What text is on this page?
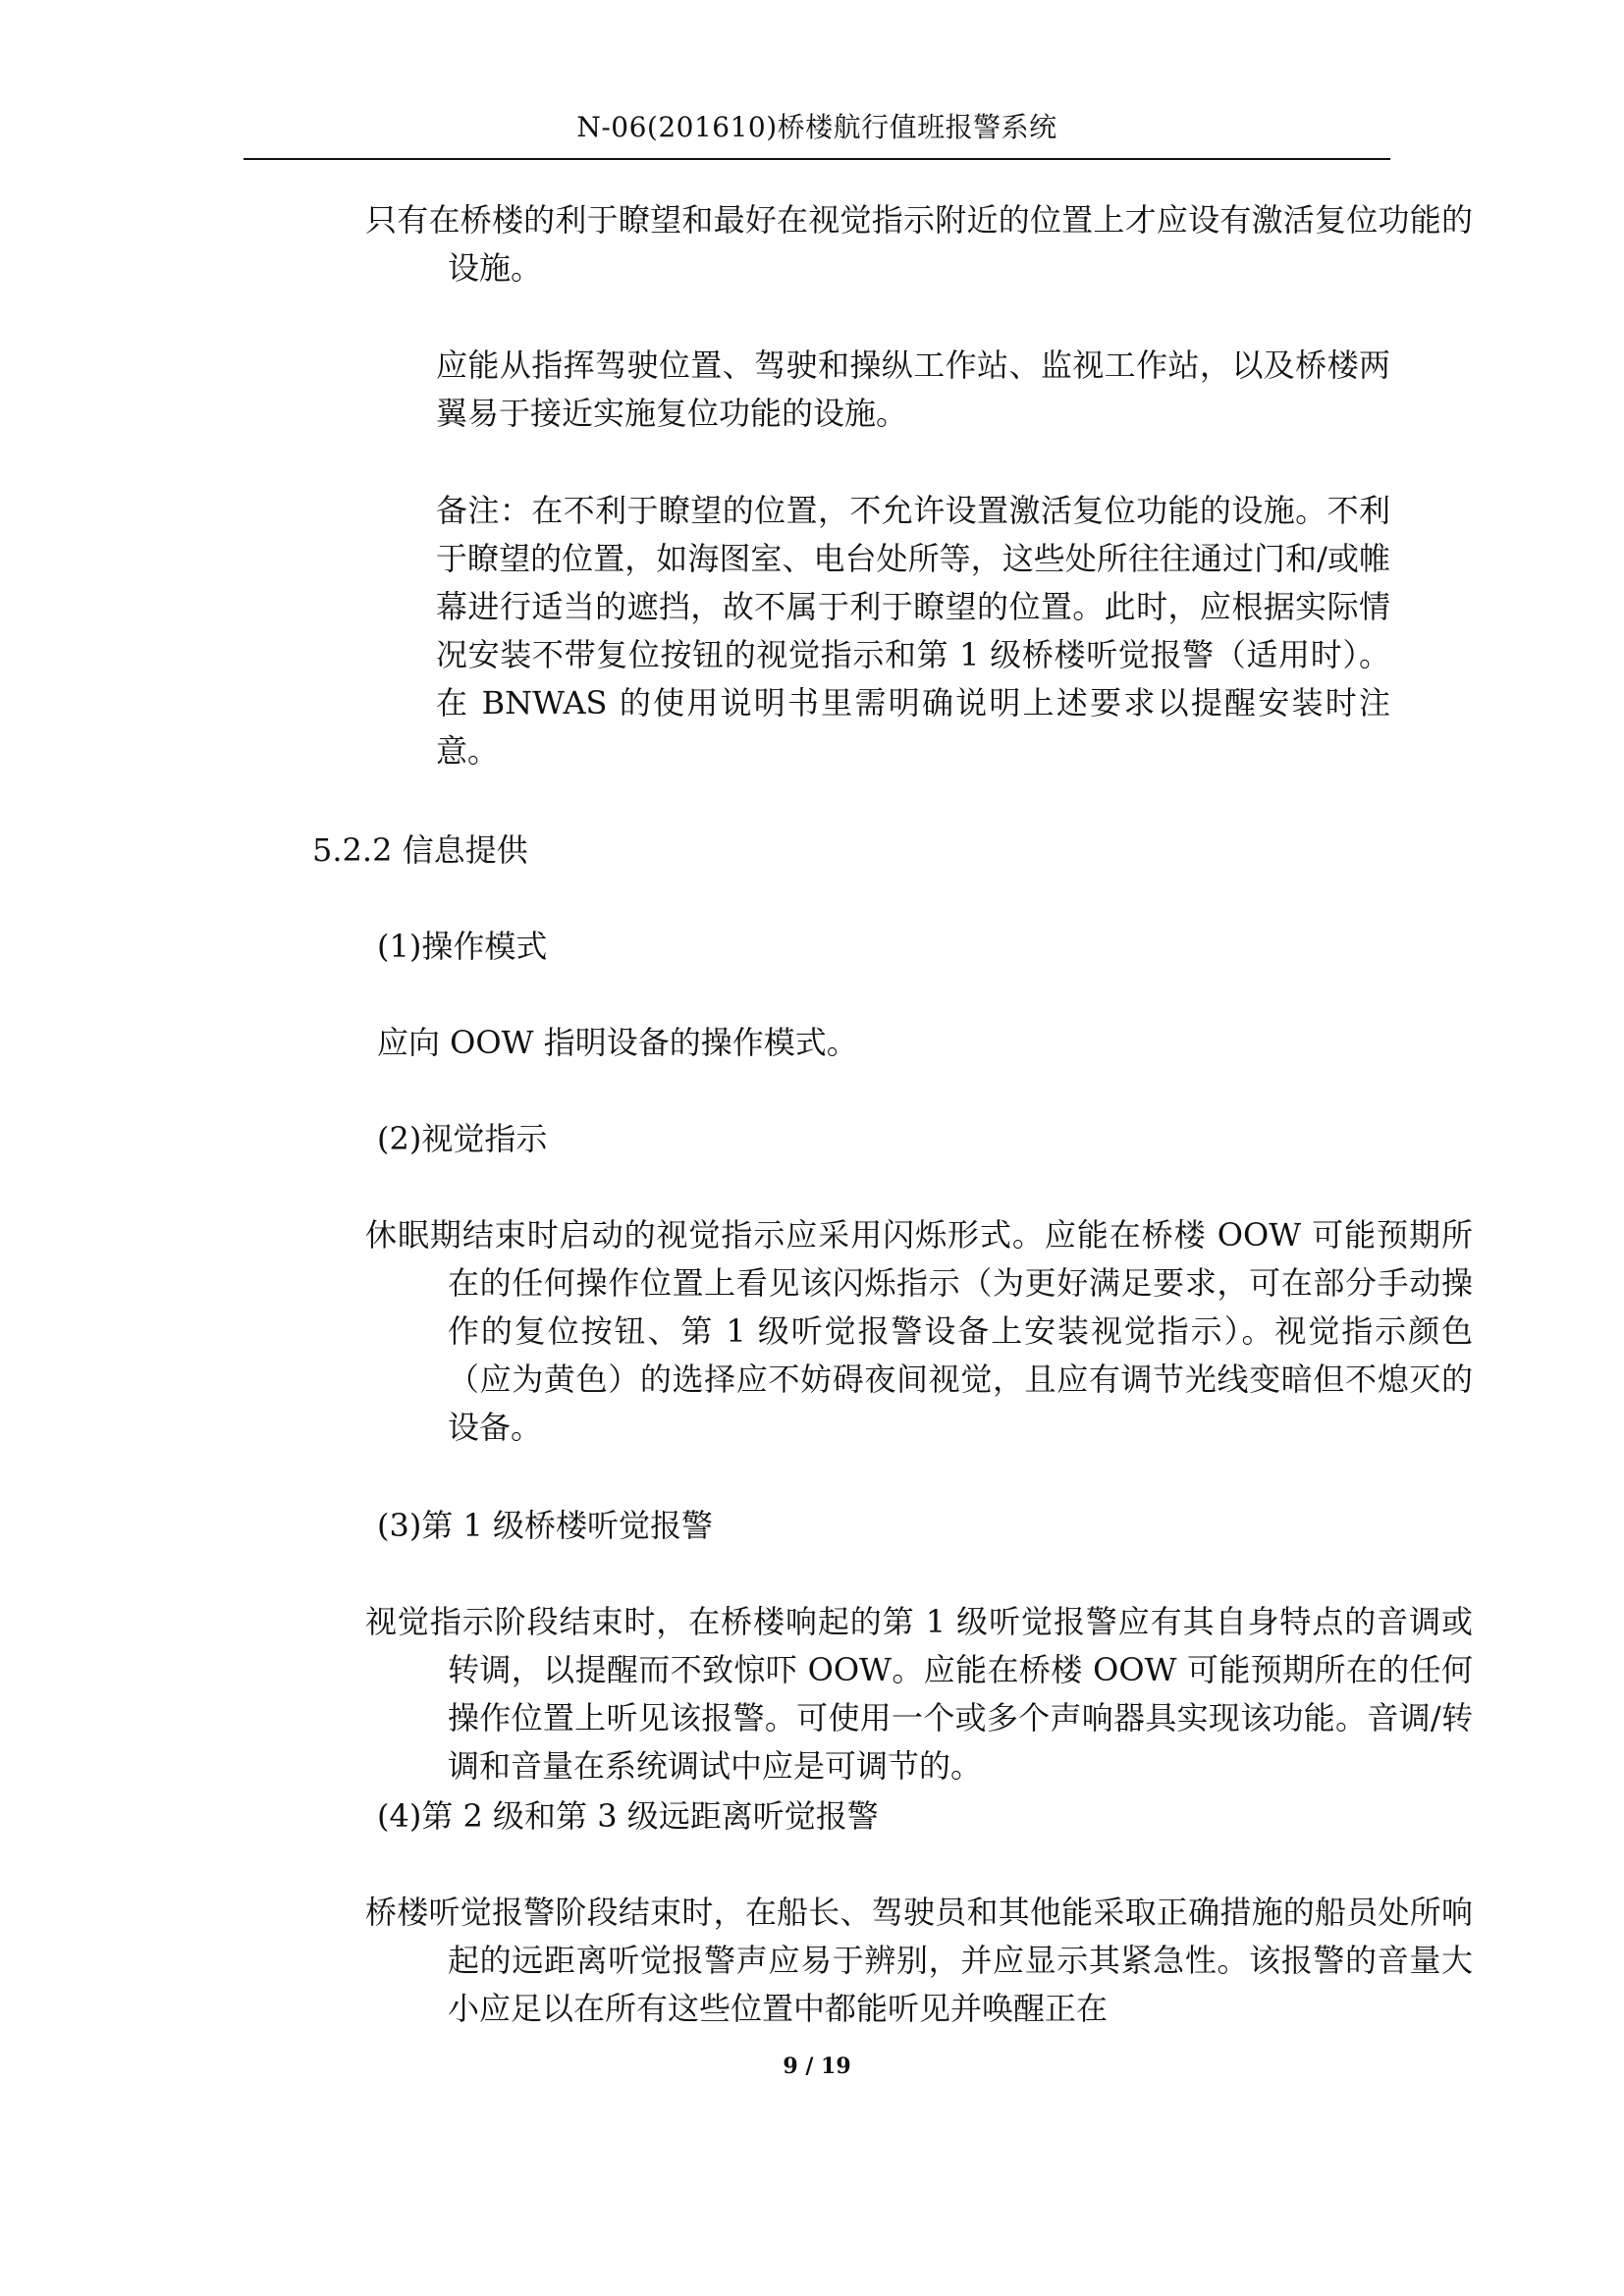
N-06(201610)桥楼航行值班报警系统

只有在桥楼的利于瞭望和最好在视觉指示附近的位置上才应设有激活复位功能的设施。

应能从指挥驾驶位置、驾驶和操纵工作站、监视工作站，以及桥楼两翼易于接近实施复位功能的设施。

备注：在不利于瞭望的位置，不允许设置激活复位功能的设施。不利于瞭望的位置，如海图室、电台处所等，这些处所往往通过门和/或帷幕进行适当的遮挡，故不属于利于瞭望的位置。此时，应根据实际情况安装不带复位按钮的视觉指示和第 1 级桥楼听觉报警（适用时）。在 BNWAS 的使用说明书里需明确说明上述要求以提醒安装时注意。

5.2.2 信息提供

(1)操作模式

应向 OOW 指明设备的操作模式。

(2)视觉指示

休眠期结束时启动的视觉指示应采用闪烁形式。应能在桥楼 OOW 可能预期所在的任何操作位置上看见该闪烁指示（为更好满足要求，可在部分手动操作的复位按钮、第 1 级听觉报警设备上安装视觉指示）。视觉指示颜色（应为黄色）的选择应不妨碍夜间视觉，且应有调节光线变暗但不熄灭的设备。

(3)第 1 级桥楼听觉报警

视觉指示阶段结束时，在桥楼响起的第 1 级听觉报警应有其自身特点的音调或转调，以提醒而不致惊吓 OOW。应能在桥楼 OOW 可能预期所在的任何操作位置上听见该报警。可使用一个或多个声响器具实现该功能。音调/转调和音量在系统调试中应是可调节的。

(4)第 2 级和第 3 级远距离听觉报警

桥楼听觉报警阶段结束时，在船长、驾驶员和其他能采取正确措施的船员处所响起的远距离听觉报警声应易于辨别，并应显示其紧急性。该报警的音量大小应足以在所有这些位置中都能听见并唤醒正在

9 / 19
